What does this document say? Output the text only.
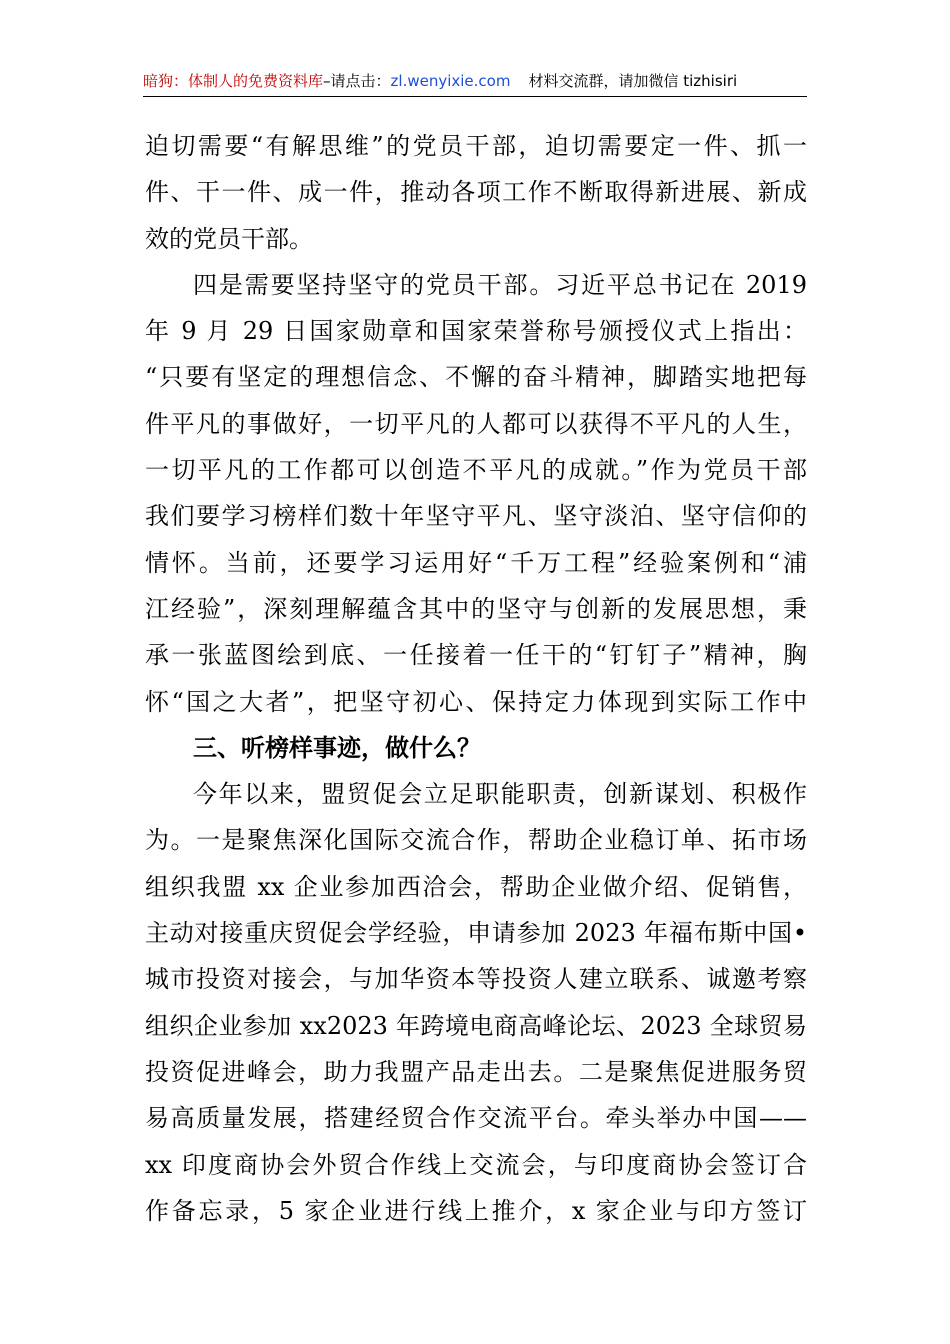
暗狗：体制人的免费资料库–请点击：zl.wenyixie.com 材料交流群，请加微信 tizhisiri
迫切需要“有解思维”的党员干部，迫切需要定一件、抓一
件、干一件、成一件，推动各项工作不断取得新进展、新成
效的党员干部。
四是需要坚持坚守的党员干部。习近平总书记在 2019
年 9 月 29 日国家勋章和国家荣誉称号颁授仪式上指出：
“只要有坚定的理想信念、不懈的奋斗精神，脚踏实地把每
件平凡的事做好，一切平凡的人都可以获得不平凡的人生，
一切平凡的工作都可以创造不平凡的成就。”作为党员干部
我们要学习榜样们数十年坚守平凡、坚守淡泊、坚守信仰的
情怀。当前，还要学习运用好“千万工程”经验案例和“浦
江经验”，深刻理解蕴含其中的坚守与创新的发展思想，秉
承一张蓝图绘到底、一任接着一任干的“钉钉子”精神，胸
怀“国之大者”，把坚守初心、保持定力体现到实际工作中
三、听榜样事迹，做什么？
今年以来，盟贸促会立足职能职责，创新谋划、积极作
为。一是聚焦深化国际交流合作，帮助企业稳订单、拓市场
组织我盟 xx 企业参加西洽会，帮助企业做介绍、促销售，
主动对接重庆贸促会学经验，申请参加 2023 年福布斯中国•
城市投资对接会，与加华资本等投资人建立联系、诚邀考察
组织企业参加 xx2023 年跨境电商高峰论坛、2023 全球贸易
投资促进峰会，助力我盟产品走出去。二是聚焦促进服务贸
易高质量发展，搭建经贸合作交流平台。牵头举办中国——
xx 印度商协会外贸合作线上交流会，与印度商协会签订合
作备忘录，5 家企业进行线上推介，x 家企业与印方签订
